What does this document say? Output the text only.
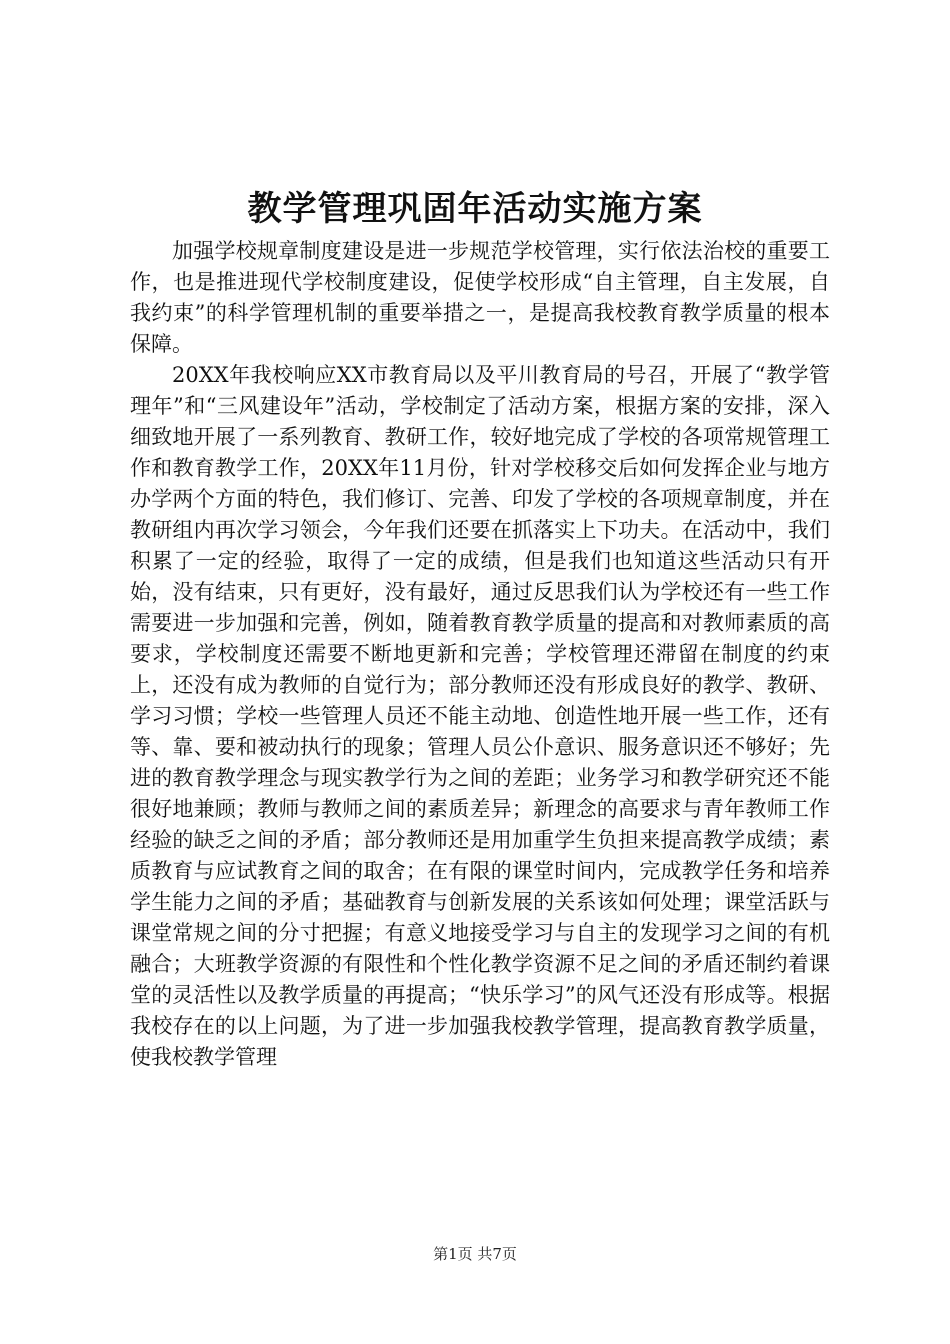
教学管理巩固年活动实施方案

加强学校规章制度建设是进一步规范学校管理，实行依法治校的重要工作，也是推进现代学校制度建设，促使学校形成“自主管理，自主发展，自我约束”的科学管理机制的重要举措之一，是提高我校教育教学质量的根本保障。

20XX年我校响应XX市教育局以及平川教育局的号召，开展了“教学管理年”和“三风建设年”活动，学校制定了活动方案，根据方案的安排，深入细致地开展了一系列教育、教研工作，较好地完成了学校的各项常规管理工作和教育教学工作，20XX年11月份，针对学校移交后如何发挥企业与地方办学两个方面的特色，我们修订、完善、印发了学校的各项规章制度，并在教研组内再次学习领会，今年我们还要在抓落实上下功夫。在活动中，我们积累了一定的经验，取得了一定的成绩，但是我们也知道这些活动只有开始，没有结束，只有更好，没有最好，通过反思我们认为学校还有一些工作需要进一步加强和完善，例如，随着教育教学质量的提高和对教师素质的高要求，学校制度还需要不断地更新和完善；学校管理还滞留在制度的约束上，还没有成为教师的自觉行为；部分教师还没有形成良好的教学、教研、学习习惯；学校一些管理人员还不能主动地、创造性地开展一些工作，还有等、靠、要和被动执行的现象；管理人员公仆意识、服务意识还不够好；先进的教育教学理念与现实教学行为之间的差距；业务学习和教学研究还不能很好地兼顾；教师与教师之间的素质差异；新理念的高要求与青年教师工作经验的缺乏之间的矛盾；部分教师还是用加重学生负担来提高教学成绩；素质教育与应试教育之间的取舍；在有限的课堂时间内，完成教学任务和培养学生能力之间的矛盾；基础教育与创新发展的关系该如何处理；课堂活跃与课堂常规之间的分寸把握；有意义地接受学习与自主的发现学习之间的有机融合；大班教学资源的有限性和个性化教学资源不足之间的矛盾还制约着课堂的灵活性以及教学质量的再提高；“快乐学习”的风气还没有形成等。根据我校存在的以上问题，为了进一步加强我校教学管理，提高教育教学质量，使我校教学管理

第1页 共7页
